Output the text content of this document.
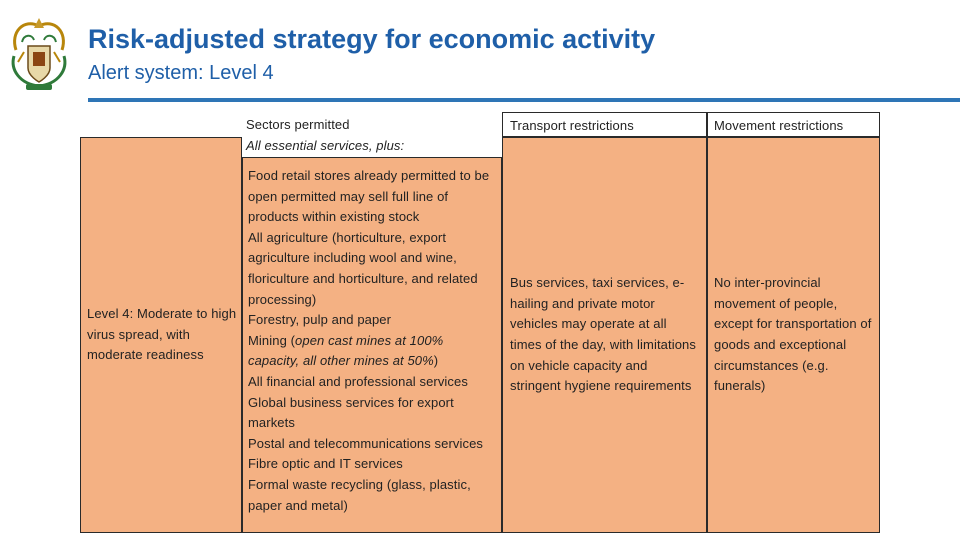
Risk-adjusted strategy for economic activity
Alert system: Level 4
Sectors permitted
All essential services, plus:
Transport restrictions	Movement restrictions
Level 4: Moderate to high virus spread, with moderate readiness
Food retail stores already permitted to be open permitted may sell full line of products within existing stock
All agriculture (horticulture, export agriculture including wool and wine, floriculture and horticulture, and related processing)
Forestry, pulp and paper
Mining (open cast mines at 100% capacity, all other mines at 50%)
All financial and professional services
Global business services for export markets
Postal and telecommunications services
Fibre optic and IT services
Formal waste recycling (glass, plastic, paper and metal)
Bus services, taxi services, e-hailing and private motor vehicles may operate at all times of the day, with limitations on vehicle capacity and stringent hygiene requirements
No inter-provincial movement of people, except for transportation of goods and exceptional circumstances (e.g. funerals)
